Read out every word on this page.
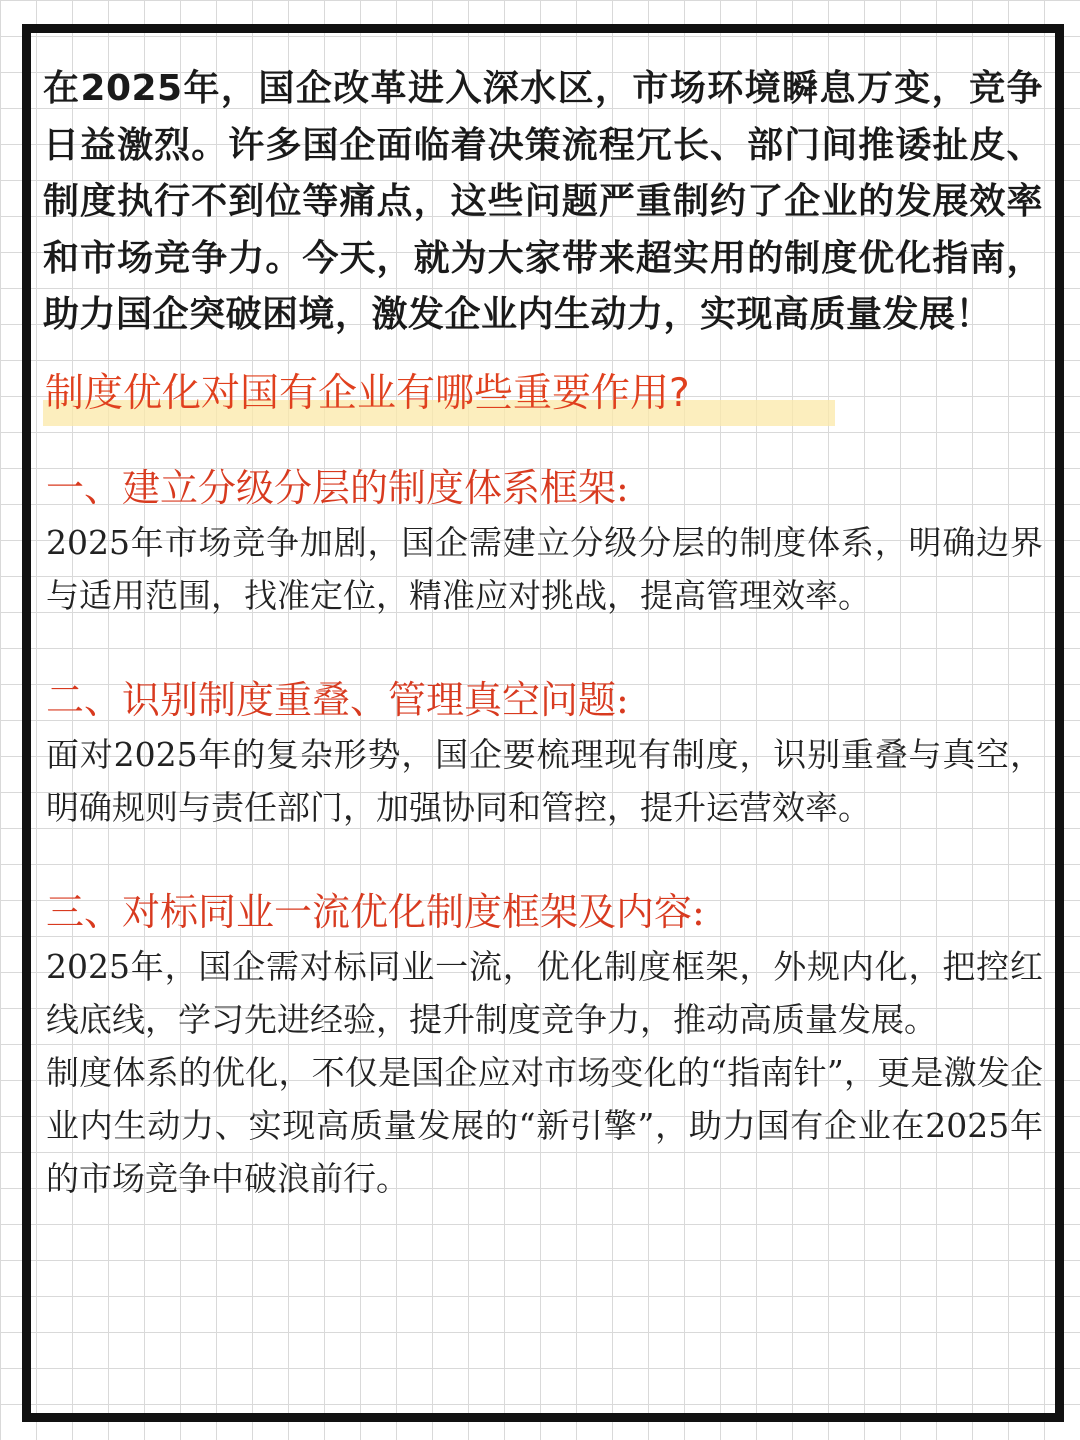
在2025年，国企改革进入深水区，市场环境瞬息万变，竞争日益激烈。许多国企面临着决策流程冗长、部门间推诿扯皮、制度执行不到位等痛点，这些问题严重制约了企业的发展效率和市场竞争力。今天，就为大家带来超实用的制度优化指南，助力国企突破困境，激发企业内生动力，实现高质量发展！
制度优化对国有企业有哪些重要作用?
一、建立分级分层的制度体系框架:
2025年市场竞争加剧，国企需建立分级分层的制度体系，明确边界与适用范围，找准定位，精准应对挑战，提高管理效率。
二、识别制度重叠、管理真空问题:
面对2025年的复杂形势，国企要梳理现有制度，识别重叠与真空，明确规则与责任部门，加强协同和管控，提升运营效率。
三、对标同业一流优化制度框架及内容:
2025年，国企需对标同业一流，优化制度框架，外规内化，把控红线底线，学习先进经验，提升制度竞争力，推动高质量发展。
制度体系的优化，不仅是国企应对市场变化的“指南针”，更是激发企业内生动力、实现高质量发展的“新引擎”，助力国有企业在2025年的市场竞争中破浪前行。
